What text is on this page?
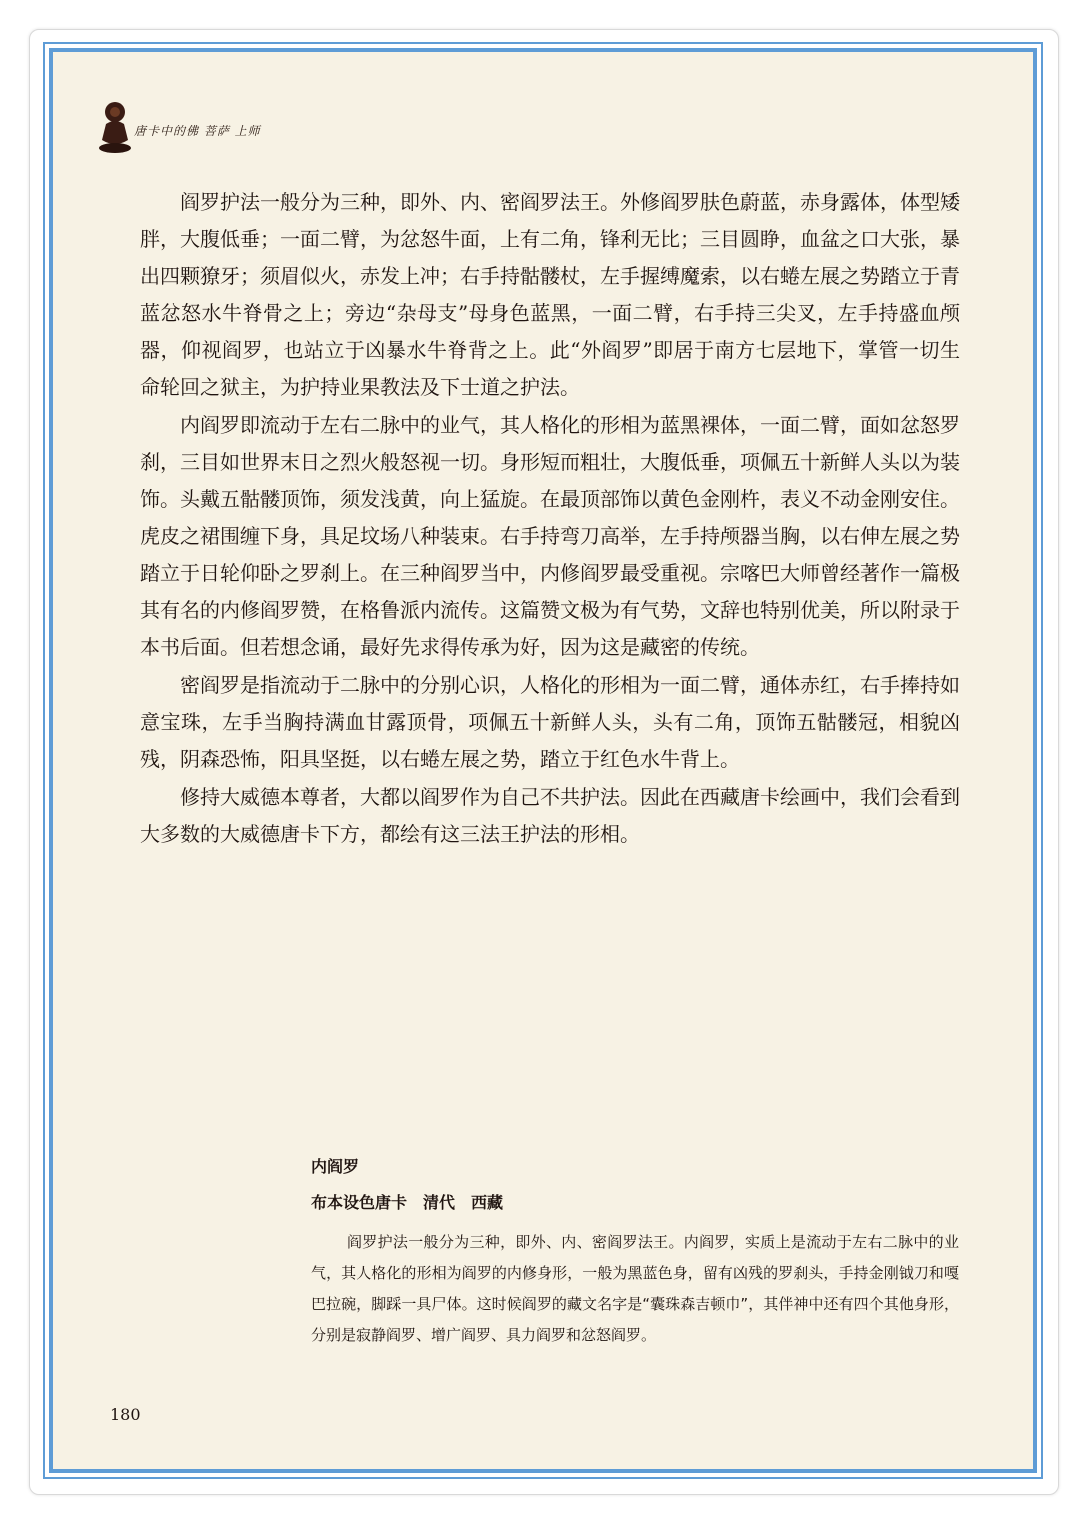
唐卡中的佛 菩萨 上师

阎罗护法一般分为三种，即外、内、密阎罗法王。外修阎罗肤色蔚蓝，赤身露体，体型矮胖，大腹低垂；一面二臂，为忿怒牛面，上有二角，锋利无比；三目圆睁，血盆之口大张，暴出四颗獠牙；须眉似火，赤发上冲；右手持骷髅杖，左手握缚魔索，以右蜷左展之势踏立于青蓝忿怒水牛脊骨之上；旁边“杂母支”母身色蓝黑，一面二臂，右手持三尖叉，左手持盛血颅器，仰视阎罗，也站立于凶暴水牛脊背之上。此“外阎罗”即居于南方七层地下，掌管一切生命轮回之狱主，为护持业果教法及下士道之护法。

内阎罗即流动于左右二脉中的业气，其人格化的形相为蓝黑裸体，一面二臂，面如忿怒罗刹，三目如世界末日之烈火般怒视一切。身形短而粗壮，大腹低垂，项佩五十新鲜人头以为装饰。头戴五骷髅顶饰，须发浅黄，向上猛旋。在最顶部饰以黄色金刚杵，表义不动金刚安住。虎皮之裙围缠下身，具足坟场八种装束。右手持弯刀高举，左手持颅器当胸，以右伸左展之势踏立于日轮仰卧之罗刹上。在三种阎罗当中，内修阎罗最受重视。宗喀巴大师曾经著作一篇极其有名的内修阎罗赞，在格鲁派内流传。这篇赞文极为有气势，文辞也特别优美，所以附录于本书后面。但若想念诵，最好先求得传承为好，因为这是藏密的传统。

密阎罗是指流动于二脉中的分别心识，人格化的形相为一面二臂，通体赤红，右手捧持如意宝珠，左手当胸持满血甘露顶骨，项佩五十新鲜人头，头有二角，顶饰五骷髅冠，相貌凶残，阴森恐怖，阳具坚挺，以右蜷左展之势，踏立于红色水牛背上。

修持大威德本尊者，大都以阎罗作为自己不共护法。因此在西藏唐卡绘画中，我们会看到大多数的大威德唐卡下方，都绘有这三法王护法的形相。

内阎罗
布本设色唐卡　清代　西藏
阎罗护法一般分为三种，即外、内、密阎罗法王。内阎罗，实质上是流动于左右二脉中的业气，其人格化的形相为阎罗的内修身形，一般为黑蓝色身，留有凶残的罗刹头，手持金刚钺刀和嘎巴拉碗，脚踩一具尸体。这时候阎罗的藏文名字是“囊珠森吉顿巾”，其伴神中还有四个其他身形，分别是寂静阎罗、增广阎罗、具力阎罗和忿怒阎罗。
180
